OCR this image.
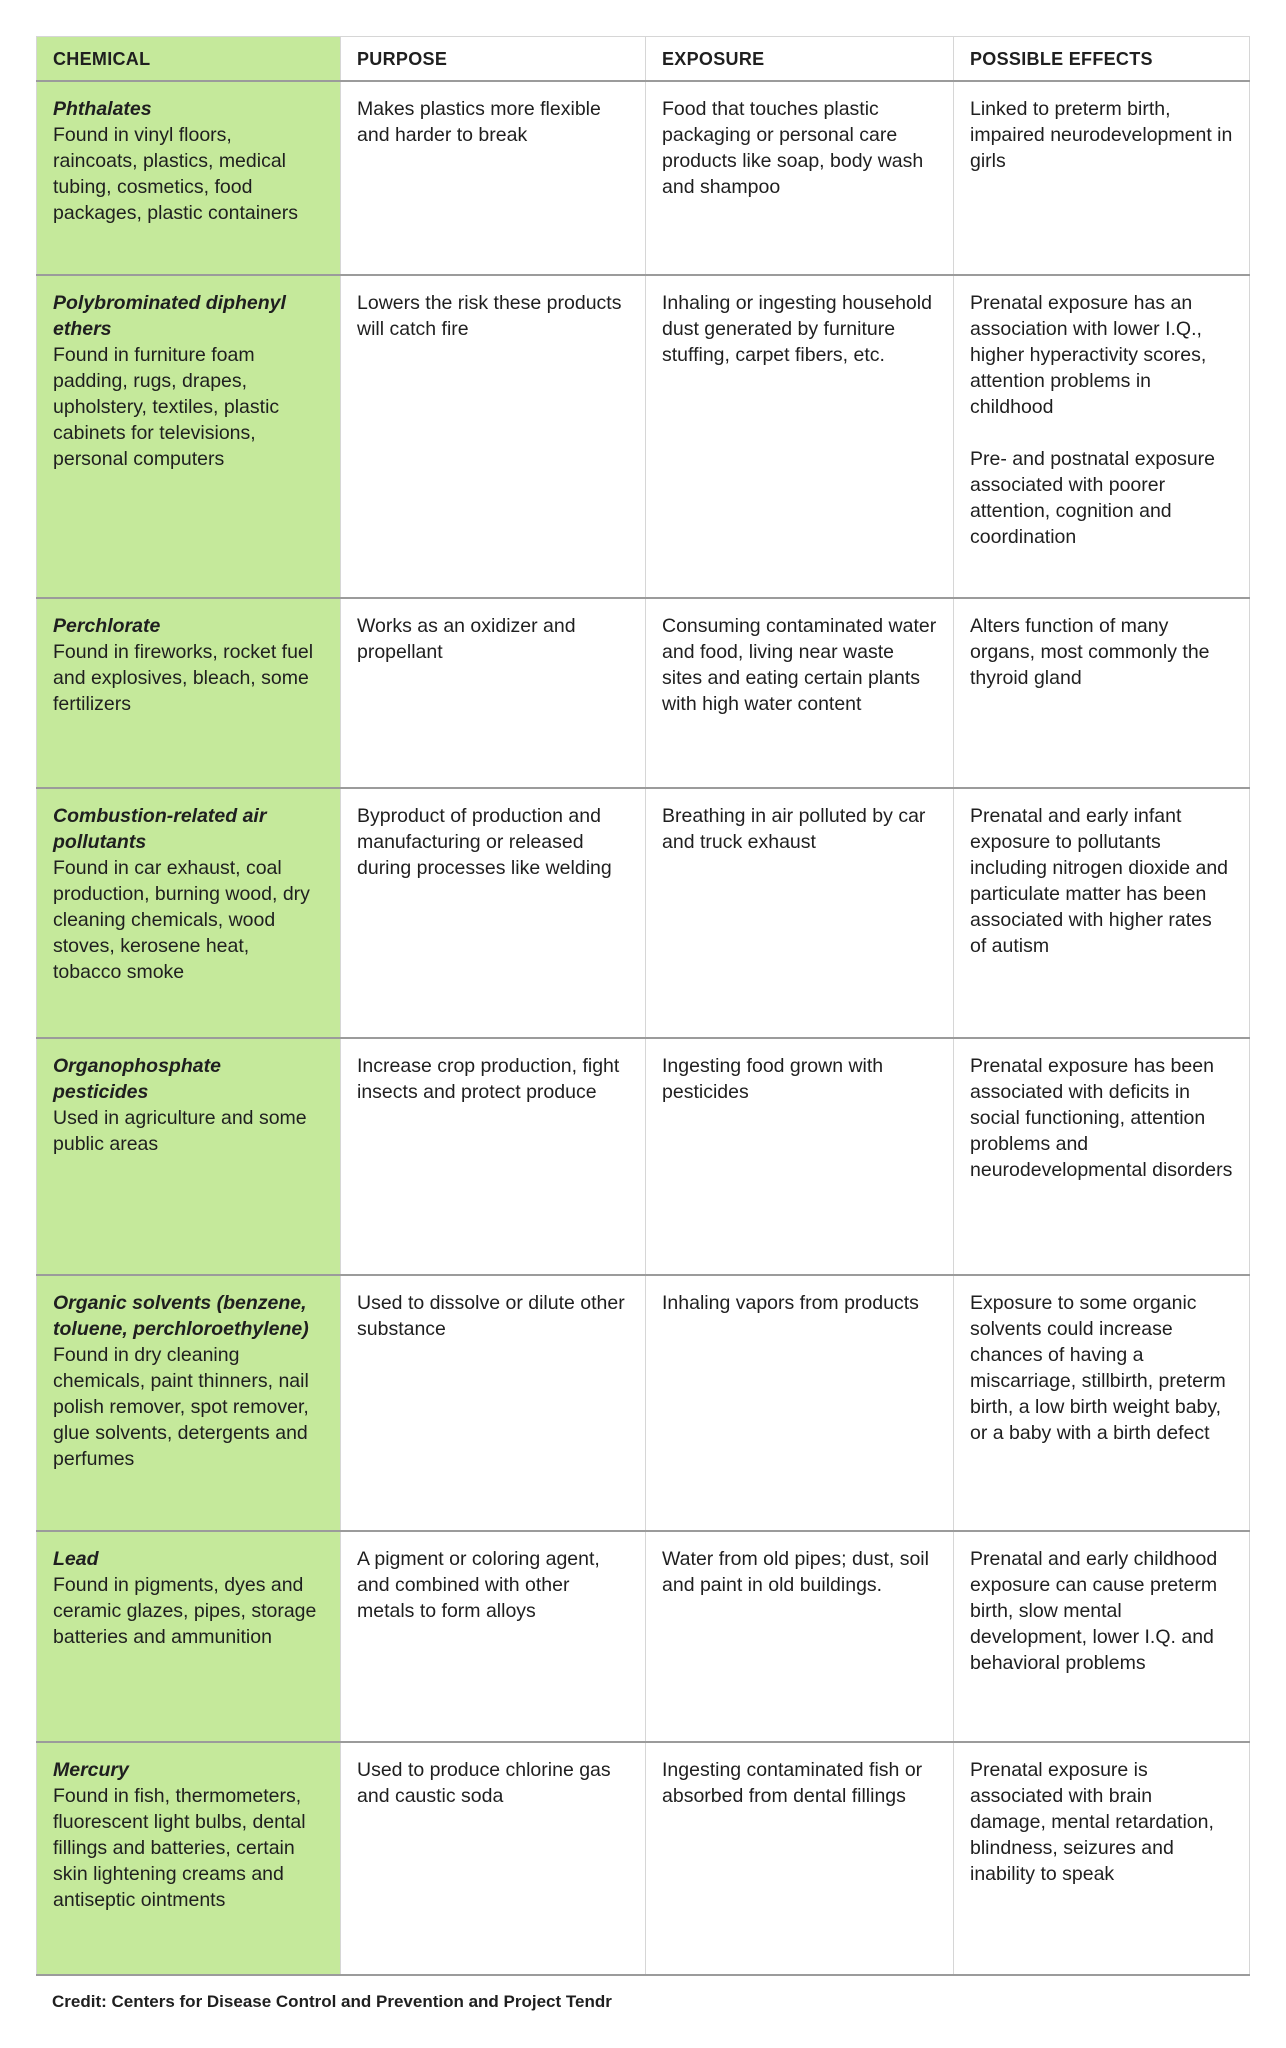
CHEMICAL	PURPOSE	EXPOSURE	POSSIBLE EFFECTS

Phthalates
Found in vinyl floors, raincoats, plastics, medical tubing, cosmetics, food packages, plastic containers	Makes plastics more flexible and harder to break	Food that touches plastic packaging or personal care products like soap, body wash and shampoo	Linked to preterm birth, impaired neurodevelopment in girls

Polybrominated diphenyl ethers
Found in furniture foam padding, rugs, drapes, upholstery, textiles, plastic cabinets for televisions, personal computers	Lowers the risk these products will catch fire	Inhaling or ingesting household dust generated by furniture stuffing, carpet fibers, etc.	Prenatal exposure has an association with lower I.Q., higher hyperactivity scores, attention problems in childhood
Pre- and postnatal exposure associated with poorer attention, cognition and coordination

Perchlorate
Found in fireworks, rocket fuel and explosives, bleach, some fertilizers	Works as an oxidizer and propellant	Consuming contaminated water and food, living near waste sites and eating certain plants with high water content	Alters function of many organs, most commonly the thyroid gland

Combustion-related air pollutants
Found in car exhaust, coal production, burning wood, dry cleaning chemicals, wood stoves, kerosene heat, tobacco smoke	Byproduct of production and manufacturing or released during processes like welding	Breathing in air polluted by car and truck exhaust	Prenatal and early infant exposure to pollutants including nitrogen dioxide and particulate matter has been associated with higher rates of autism

Organophosphate pesticides
Used in agriculture and some public areas	Increase crop production, fight insects and protect produce	Ingesting food grown with pesticides	Prenatal exposure has been associated with deficits in social functioning, attention problems and neurodevelopmental disorders

Organic solvents (benzene, toluene, perchloroethylene)
Found in dry cleaning chemicals, paint thinners, nail polish remover, spot remover, glue solvents, detergents and perfumes	Used to dissolve or dilute other substance	Inhaling vapors from products	Exposure to some organic solvents could increase chances of having a miscarriage, stillbirth, preterm birth, a low birth weight baby, or a baby with a birth defect

Lead
Found in pigments, dyes and ceramic glazes, pipes, storage batteries and ammunition	A pigment or coloring agent, and combined with other metals to form alloys	Water from old pipes; dust, soil and paint in old buildings.	Prenatal and early childhood exposure can cause preterm birth, slow mental development, lower I.Q. and behavioral problems

Mercury
Found in fish, thermometers, fluorescent light bulbs, dental fillings and batteries, certain skin lightening creams and antiseptic ointments	Used to produce chlorine gas and caustic soda	Ingesting contaminated fish or absorbed from dental fillings	Prenatal exposure is associated with brain damage, mental retardation, blindness, seizures and inability to speak
Credit: Centers for Disease Control and Prevention and Project Tendr
